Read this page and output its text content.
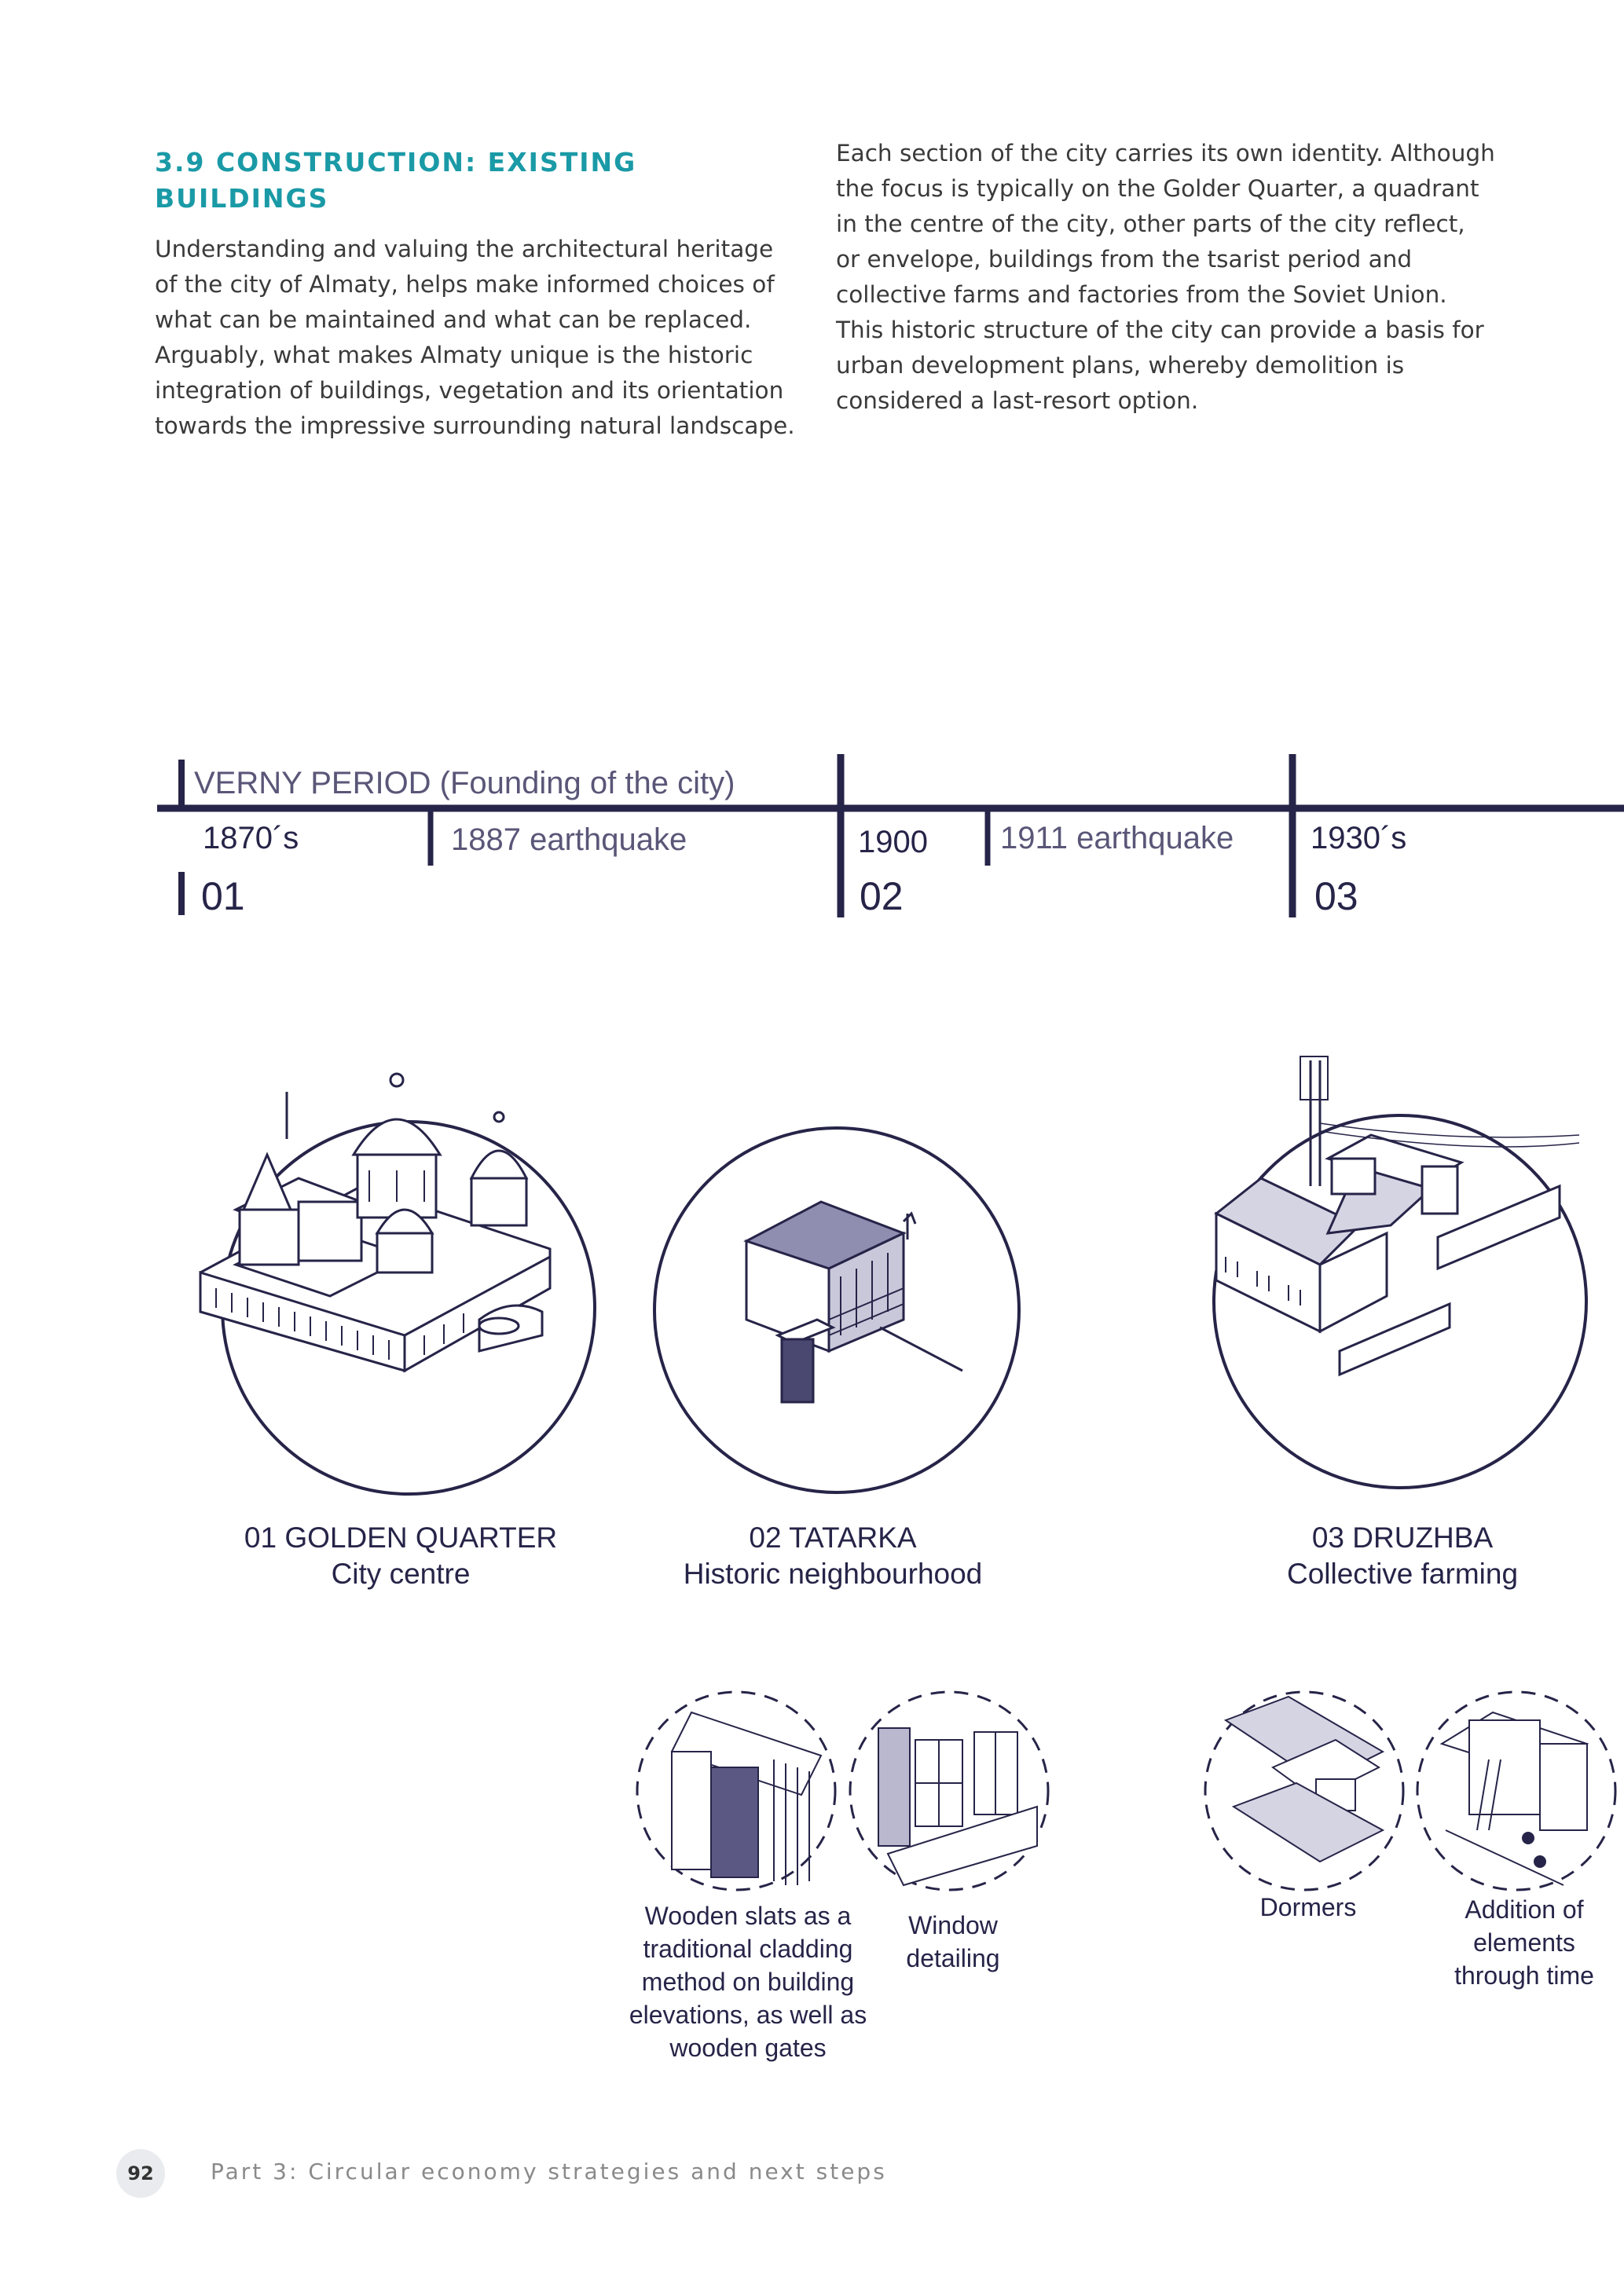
3.9 CONSTRUCTION: EXISTING BUILDINGS

Understanding and valuing the architectural heritage of the city of Almaty, helps make informed choices of what can be maintained and what can be replaced. Arguably, what makes Almaty unique is the historic integration of buildings, vegetation and its orientation towards the impressive surrounding natural landscape.

Each section of the city carries its own identity. Although the focus is typically on the Golder Quarter, a quadrant in the centre of the city, other parts of the city reflect, or envelope, buildings from the tsarist period and collective farms and factories from the Soviet Union. This historic structure of the city can provide a basis for urban development plans, whereby demolition is considered a last-resort option.

VERNY PERIOD (Founding of the city)
1870´s	1887 earthquake	1900 1911 earthquake 1930´s
01	02	03
01 GOLDEN QUARTER
City centre
02 TATARKA
Historic neighbourhood
03 DRUZHBA
Collective farming
Wooden slats as a traditional cladding method on building elevations, as well as wooden gates
Window detailing
Dormers	Addition of elements through time
92	Part 3: Circular economy strategies and next steps
